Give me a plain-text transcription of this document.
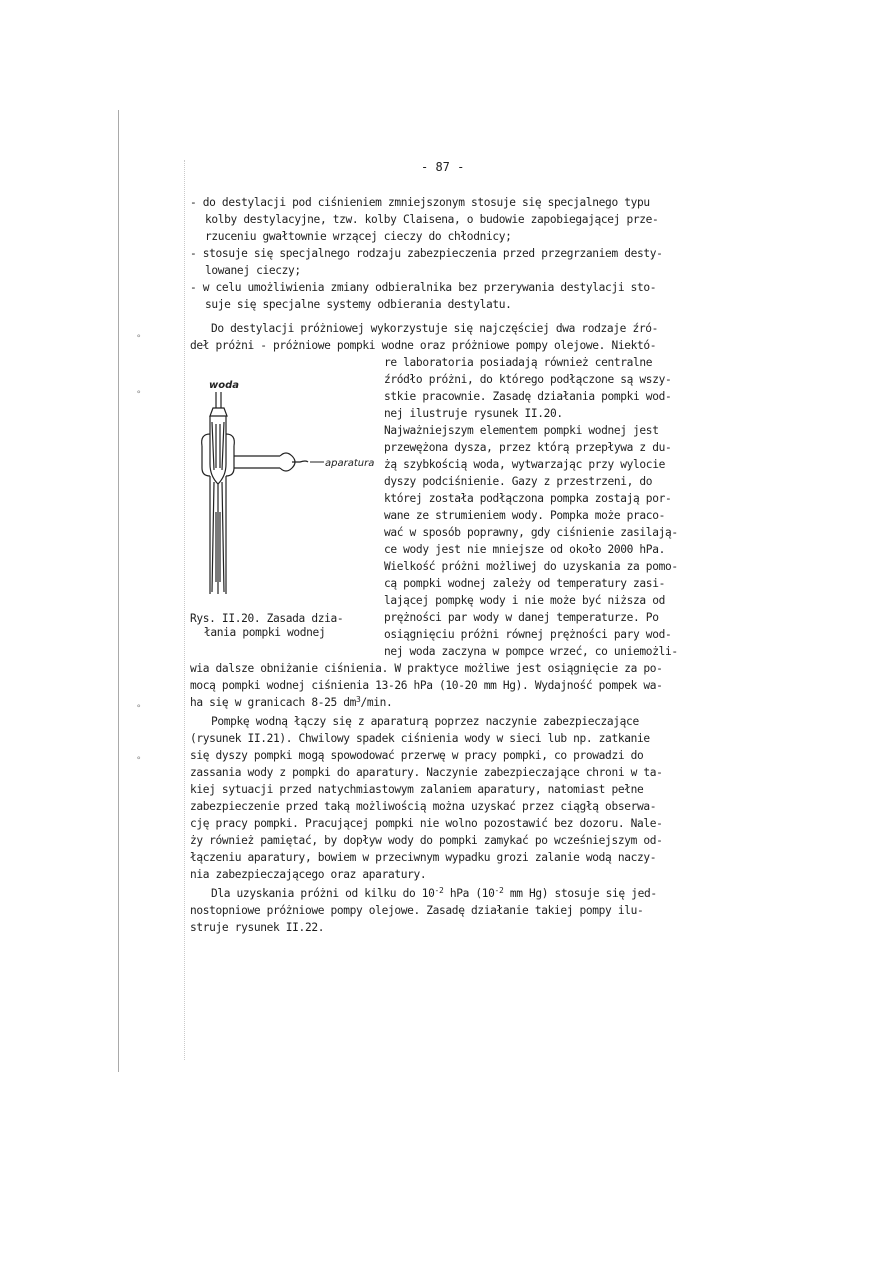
°
°
°
°
- 87 -
- do destylacji pod ciśnieniem zmniejszonym stosuje się specjalnego typu
kolby destylacyjne, tzw. kolby Claisena, o budowie zapobiegającej prze-
rzuceniu gwałtownie wrzącej cieczy do chłodnicy;
- stosuje się specjalnego rodzaju zabezpieczenia przed przegrzaniem desty-
lowanej cieczy;
- w celu umożliwienia zmiany odbieralnika bez przerywania destylacji sto-
suje się specjalne systemy odbierania destylatu.
Do destylacji próżniowej wykorzystuje się najczęściej dwa rodzaje źró-
deł próżni - próżniowe pompki wodne oraz próżniowe pompy olejowe. Niektó-
re laboratoria posiadają również centralne
źródło próżni, do którego podłączone są wszy-
stkie pracownie. Zasadę działania pompki wod-
nej ilustruje rysunek II.20.
Najważniejszym elementem pompki wodnej jest
przewężona dysza, przez którą przepływa z du-
żą szybkością woda, wytwarzając przy wylocie
dyszy podciśnienie. Gazy z przestrzeni, do
której została podłączona pompka zostają por-
wane ze strumieniem wody. Pompka może praco-
wać w sposób poprawny, gdy ciśnienie zasilają-
ce wody jest nie mniejsze od około 2000 hPa.
Wielkość próżni możliwej do uzyskania za pomo-
cą pompki wodnej zależy od temperatury zasi-
lającej pompkę wody i nie może być niższa od
prężności par wody w danej temperaturze. Po
osiągnięciu próżni równej prężności pary wod-
nej woda zaczyna w pompce wrzeć, co uniemożli-
woda
aparatura
Rys. II.20. Zasada dzia-
łania pompki wodnej
wia dalsze obniżanie ciśnienia. W praktyce możliwe jest osiągnięcie za po-
mocą pompki wodnej ciśnienia 13-26 hPa (10-20 mm Hg). Wydajność pompek wa-
ha się w granicach 8-25 $dm^3/\min$.
Pompkę wodną łączy się z aparaturą poprzez naczynie zabezpieczające
(rysunek II.21). Chwilowy spadek ciśnienia wody w sieci lub np. zatkanie
się dyszy pompki mogą spowodować przerwę w pracy pompki, co prowadzi do
zassania wody z pompki do aparatury. Naczynie zabezpieczające chroni w ta-
kiej sytuacji przed natychmiastowym zalaniem aparatury, natomiast pełne
zabezpieczenie przed taką możliwością można uzyskać przez ciągłą obserwa-
cję pracy pompki. Pracującej pompki nie wolno pozostawić bez dozoru. Nale-
ży również pamiętać, by dopływ wody do pompki zamykać po wcześniejszym od-
łączeniu aparatury, bowiem w przeciwnym wypadku grozi zalanie wodą naczy-
nia zabezpieczającego oraz aparatury.
Dla uzyskania próżni od kilku do $10^{-2}$ hPa ($10^{-2}$ mm Hg) stosuje się jed-
nostopniowe próżniowe pompy olejowe. Zasadę działanie takiej pompy ilu-
struje rysunek II.22.
